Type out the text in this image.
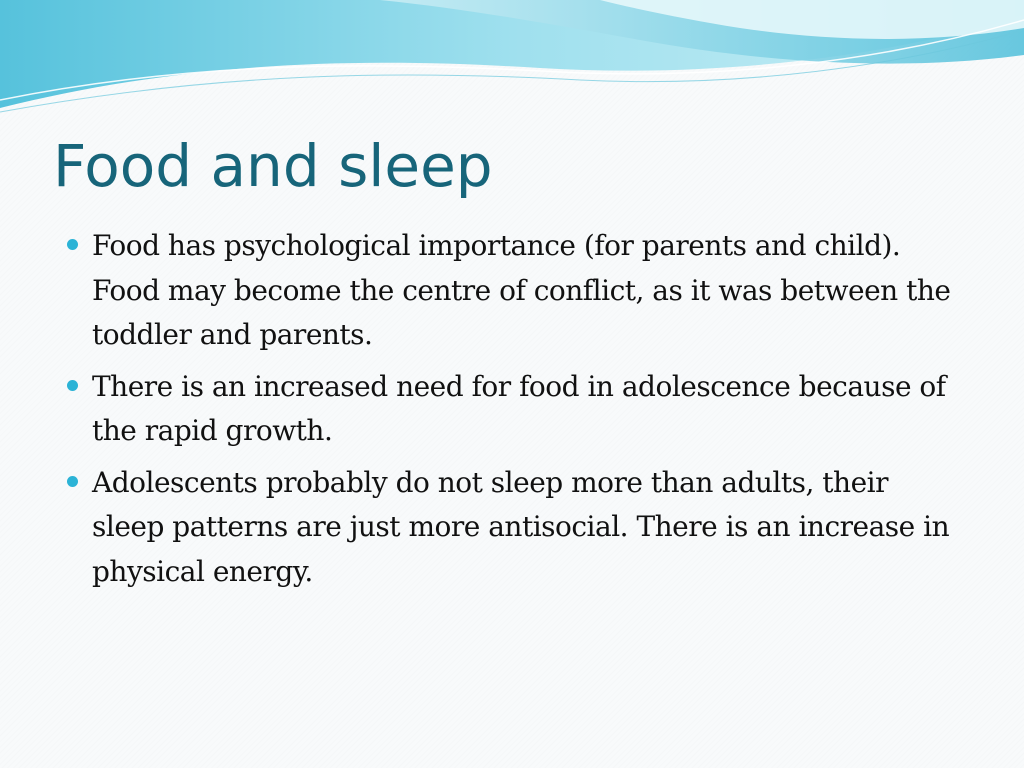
Food and sleep
Food has psychological importance (for parents and child). Food may become the centre of conflict, as it was between the toddler and parents.
There is an increased need for food in adolescence because of the rapid growth.
Adolescents probably do not sleep more than adults, their sleep patterns are just more antisocial. There is an increase in physical energy.
